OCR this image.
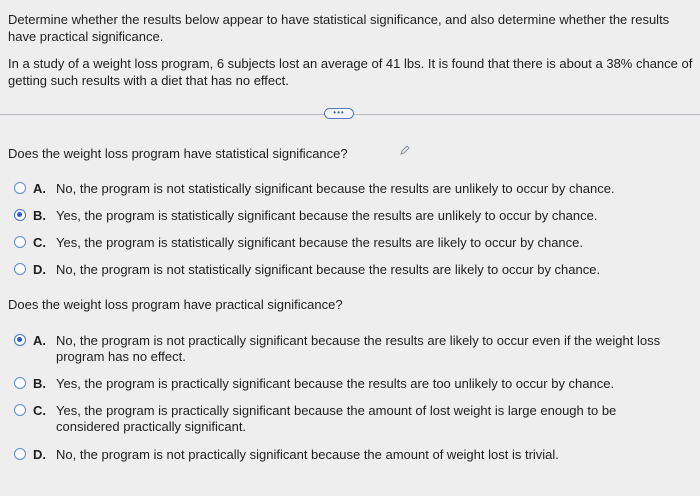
Determine whether the results below appear to have statistical significance, and also determine whether the results have practical significance.
In a study of a weight loss program, 6 subjects lost an average of 41 lbs. It is found that there is about a 38% chance of getting such results with a diet that has no effect.
•••
Does the weight loss program have statistical significance?
A. No, the program is not statistically significant because the results are unlikely to occur by chance.
B. Yes, the program is statistically significant because the results are unlikely to occur by chance.
C. Yes, the program is statistically significant because the results are likely to occur by chance.
D. No, the program is not statistically significant because the results are likely to occur by chance.
Does the weight loss program have practical significance?
A. No, the program is not practically significant because the results are likely to occur even if the weight loss program has no effect.
B. Yes, the program is practically significant because the results are too unlikely to occur by chance.
C. Yes, the program is practically significant because the amount of lost weight is large enough to be considered practically significant.
D. No, the program is not practically significant because the amount of weight lost is trivial.
